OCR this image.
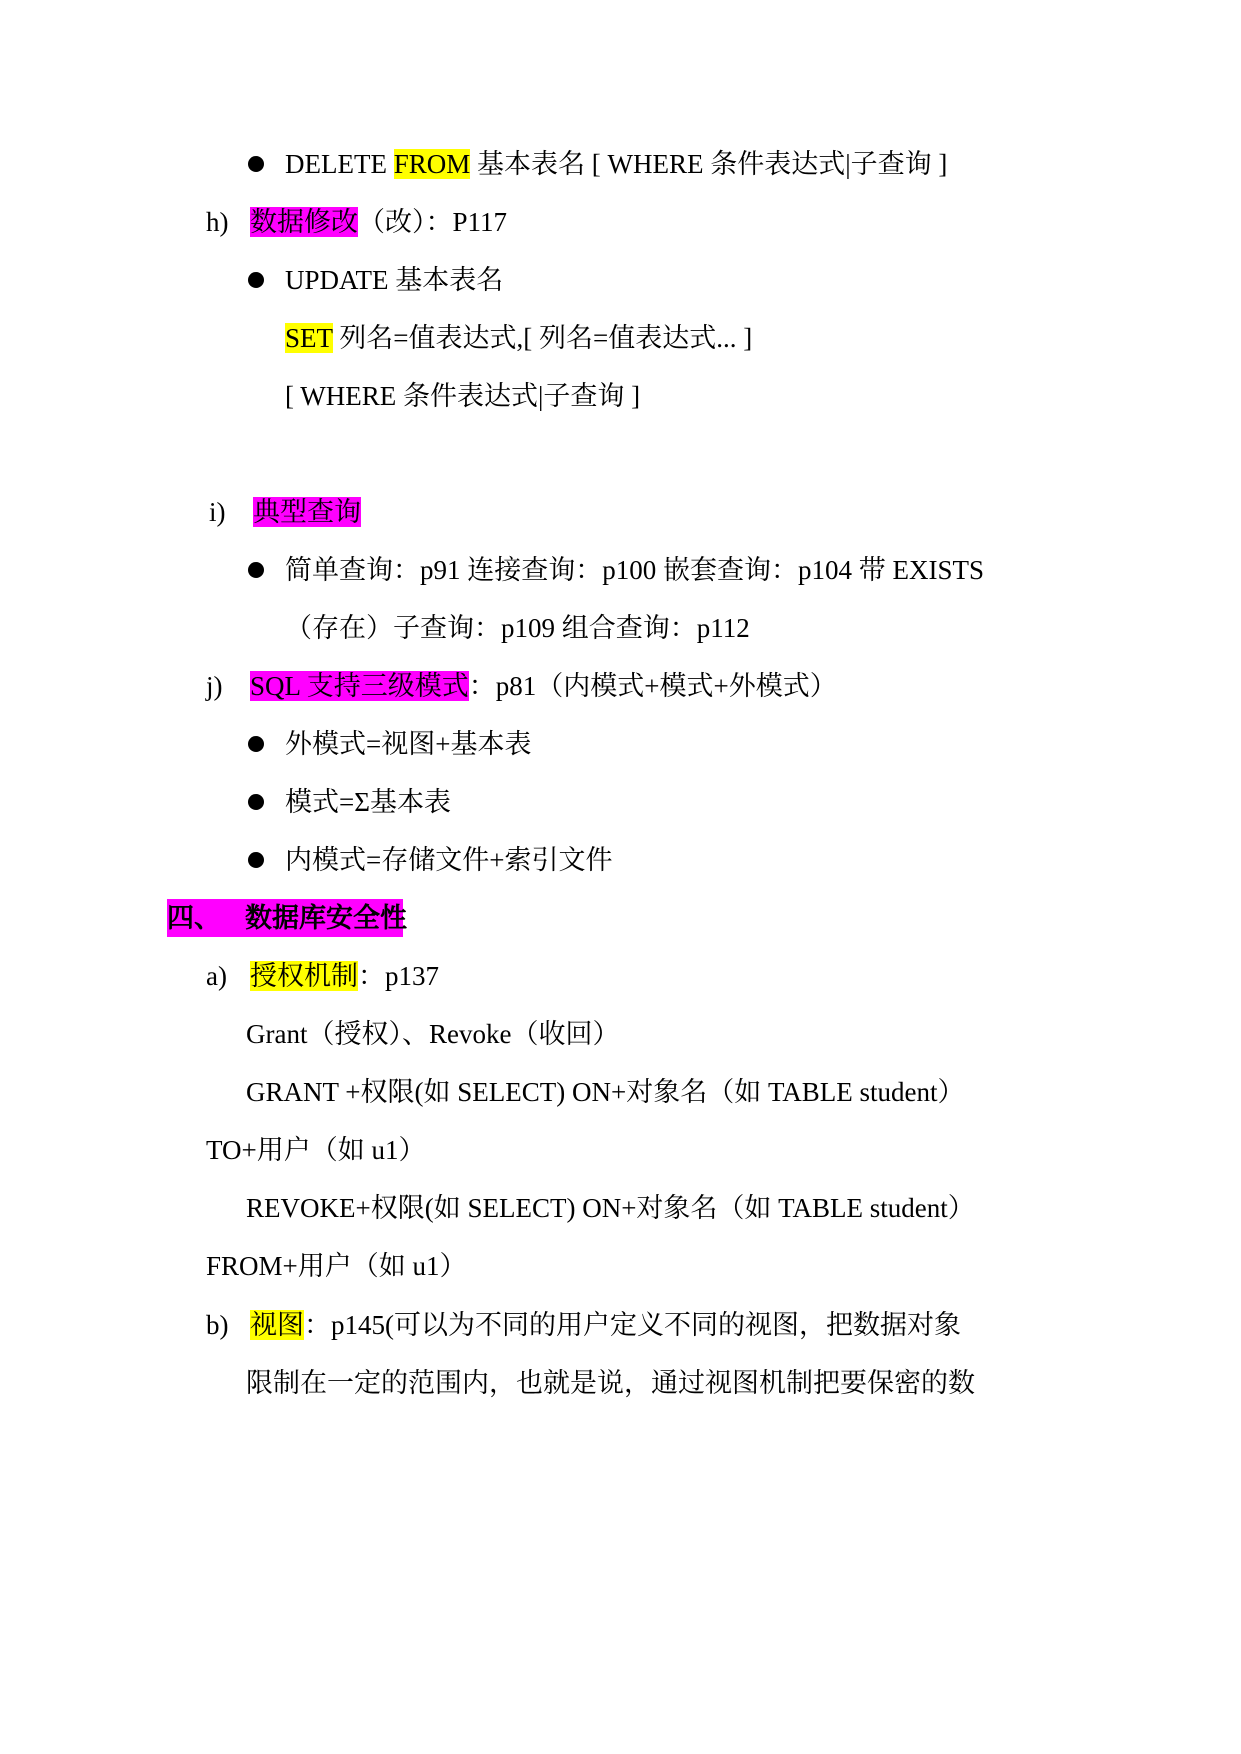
DELETE FROM 基本表名 [ WHERE 条件表达式|子查询 ]
h) 数据修改（改）：P117
UPDATE 基本表名
SET 列名=值表达式,[ 列名=值表达式... ]
[ WHERE 条件表达式|子查询 ]
i) 典型查询
简单查询：p91 连接查询：p100 嵌套查询：p104 带 EXISTS
（存在）子查询：p109 组合查询：p112
j) SQL 支持三级模式：p81（内模式+模式+外模式）
外模式=视图+基本表
模式=Σ基本表
内模式=存储文件+索引文件
四、 数据库安全性
a) 授权机制：p137
Grant（授权）、Revoke（收回）
GRANT +权限(如 SELECT) ON+对象名（如 TABLE student）
TO+用户（如 u1）
REVOKE+权限(如 SELECT) ON+对象名（如 TABLE student）
FROM+用户（如 u1）
b) 视图：p145(可以为不同的用户定义不同的视图，把数据对象
限制在一定的范围内，也就是说，通过视图机制把要保密的数
